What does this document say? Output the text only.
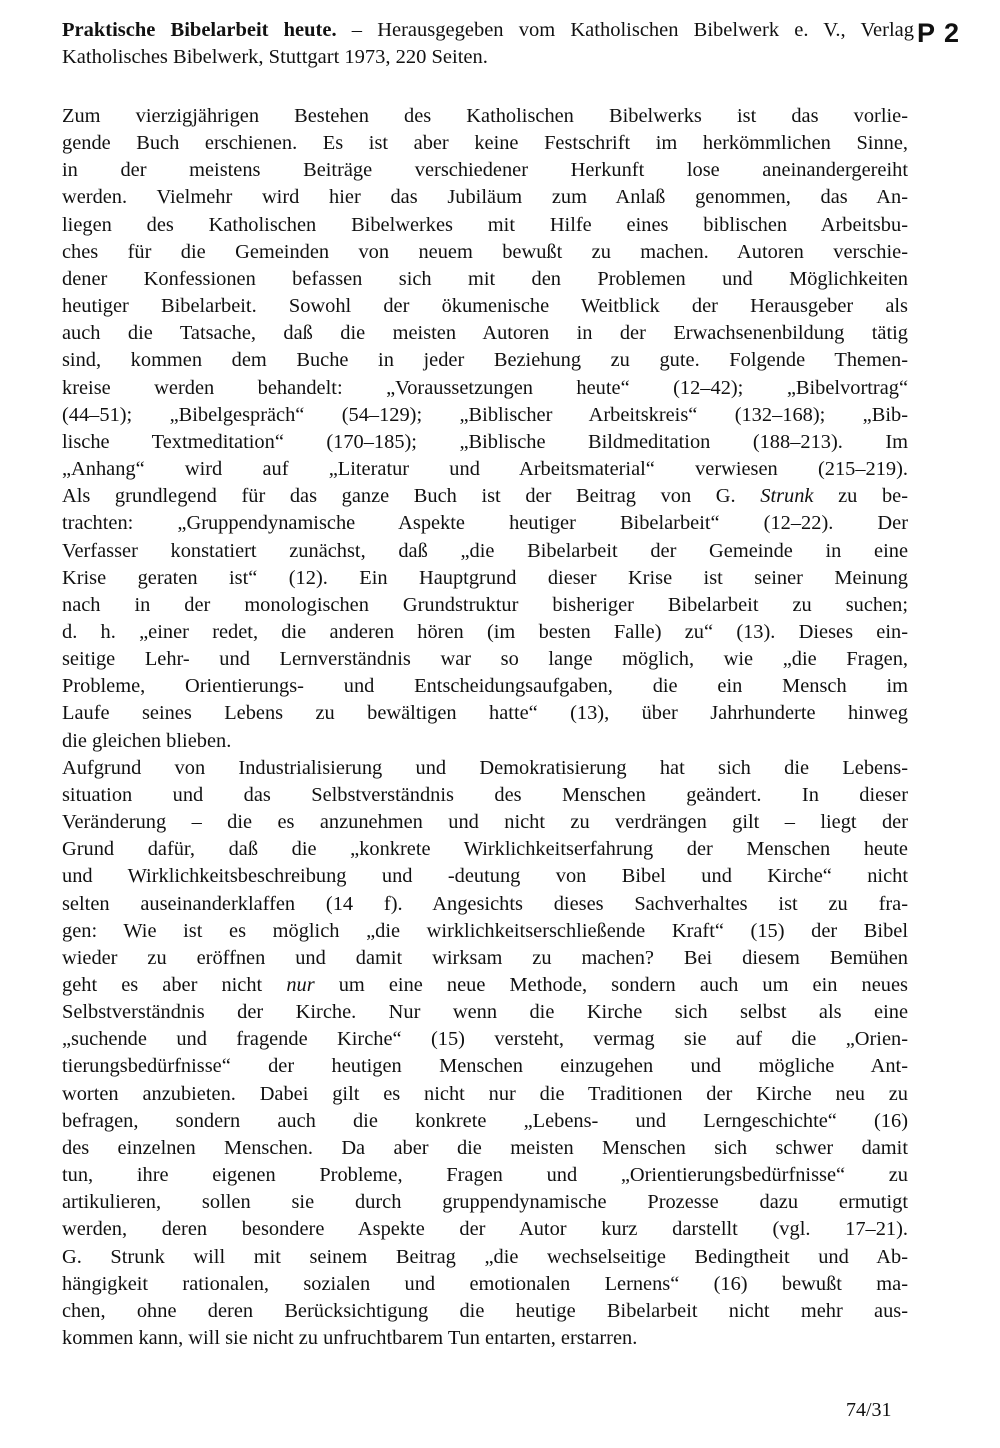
Praktische Bibelarbeit heute. – Herausgegeben vom Katholischen Bibelwerk e. V., Verlag Katholisches Bibelwerk, Stuttgart 1973, 220 Seiten.
P 2
Zum vierzigjährigen Bestehen des Katholischen Bibelwerks ist das vorlie-
gende Buch erschienen. Es ist aber keine Festschrift im herkömmlichen Sinne,
in der meistens Beiträge verschiedener Herkunft lose aneinandergereiht
werden. Vielmehr wird hier das Jubiläum zum Anlaß genommen, das An-
liegen des Katholischen Bibelwerkes mit Hilfe eines biblischen Arbeitsbu-
ches für die Gemeinden von neuem bewußt zu machen. Autoren verschie-
dener Konfessionen befassen sich mit den Problemen und Möglichkeiten
heutiger Bibelarbeit. Sowohl der ökumenische Weitblick der Herausgeber als
auch die Tatsache, daß die meisten Autoren in der Erwachsenenbildung tätig
sind, kommen dem Buche in jeder Beziehung zu gute. Folgende Themen-
kreise werden behandelt: „Voraussetzungen heute“ (12–42); „Bibelvortrag“
(44–51); „Bibelgespräch“ (54–129); „Biblischer Arbeitskreis“ (132–168); „Bib-
lische Textmeditation“ (170–185); „Biblische Bildmeditation (188–213). Im
„Anhang“ wird auf „Literatur und Arbeitsmaterial“ verwiesen (215–219).
Als grundlegend für das ganze Buch ist der Beitrag von G. Strunk zu be-
trachten: „Gruppendynamische Aspekte heutiger Bibelarbeit“ (12–22). Der
Verfasser konstatiert zunächst, daß „die Bibelarbeit der Gemeinde in eine
Krise geraten ist“ (12). Ein Hauptgrund dieser Krise ist seiner Meinung
nach in der monologischen Grundstruktur bisheriger Bibelarbeit zu suchen;
d. h. „einer redet, die anderen hören (im besten Falle) zu“ (13). Dieses ein-
seitige Lehr- und Lernverständnis war so lange möglich, wie „die Fragen,
Probleme, Orientierungs- und Entscheidungsaufgaben, die ein Mensch im
Laufe seines Lebens zu bewältigen hatte“ (13), über Jahrhunderte hinweg
die gleichen blieben.
Aufgrund von Industrialisierung und Demokratisierung hat sich die Lebens-
situation und das Selbstverständnis des Menschen geändert. In dieser
Veränderung – die es anzunehmen und nicht zu verdrängen gilt – liegt der
Grund dafür, daß die „konkrete Wirklichkeitserfahrung der Menschen heute
und Wirklichkeitsbeschreibung und -deutung von Bibel und Kirche“ nicht
selten auseinanderklaffen (14 f). Angesichts dieses Sachverhaltes ist zu fra-
gen: Wie ist es möglich „die wirklichkeitserschließende Kraft“ (15) der Bibel
wieder zu eröffnen und damit wirksam zu machen? Bei diesem Bemühen
geht es aber nicht nur um eine neue Methode, sondern auch um ein neues
Selbstverständnis der Kirche. Nur wenn die Kirche sich selbst als eine
„suchende und fragende Kirche“ (15) versteht, vermag sie auf die „Orien-
tierungsbedürfnisse“ der heutigen Menschen einzugehen und mögliche Ant-
worten anzubieten. Dabei gilt es nicht nur die Traditionen der Kirche neu zu
befragen, sondern auch die konkrete „Lebens- und Lerngeschichte“ (16)
des einzelnen Menschen. Da aber die meisten Menschen sich schwer damit
tun, ihre eigenen Probleme, Fragen und „Orientierungsbedürfnisse“ zu
artikulieren, sollen sie durch gruppendynamische Prozesse dazu ermutigt
werden, deren besondere Aspekte der Autor kurz darstellt (vgl. 17–21).
G. Strunk will mit seinem Beitrag „die wechselseitige Bedingtheit und Ab-
hängigkeit rationalen, sozialen und emotionalen Lernens“ (16) bewußt ma-
chen, ohne deren Berücksichtigung die heutige Bibelarbeit nicht mehr aus-
kommen kann, will sie nicht zu unfruchtbarem Tun entarten, erstarren.
74/31
